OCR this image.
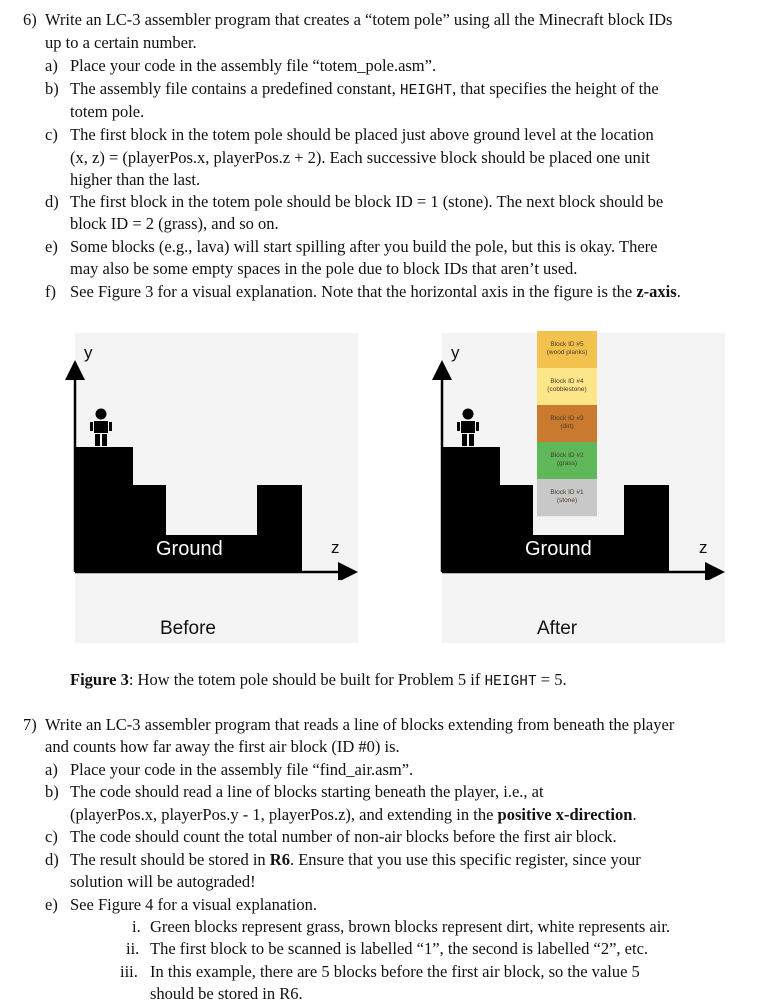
6) Write an LC-3 assembler program that creates a “totem pole” using all the Minecraft block IDs
up to a certain number.
a) Place your code in the assembly file “totem_pole.asm”.
b) The assembly file contains a predefined constant, HEIGHT, that specifies the height of the
totem pole.
c) The first block in the totem pole should be placed just above ground level at the location
(x, z) = (playerPos.x, playerPos.z + 2). Each successive block should be placed one unit
higher than the last.
d) The first block in the totem pole should be block ID = 1 (stone). The next block should be
block ID = 2 (grass), and so on.
e) Some blocks (e.g., lava) will start spilling after you build the pole, but this is okay. There
may also be some empty spaces in the pole due to block IDs that aren’t used.
f) See Figure 3 for a visual explanation. Note that the horizontal axis in the figure is the z-axis.
y
z
Ground
Before
y
z
Ground
After
Block ID #5
(wood planks)
Block ID #4
(cobblestone)
Block ID #3
(dirt)
Block ID #2
(grass)
Block ID #1
(stone)
Figure 3: How the totem pole should be built for Problem 5 if HEIGHT = 5.
7) Write an LC-3 assembler program that reads a line of blocks extending from beneath the player
and counts how far away the first air block (ID #0) is.
a) Place your code in the assembly file “find_air.asm”.
b) The code should read a line of blocks starting beneath the player, i.e., at
(playerPos.x, playerPos.y - 1, playerPos.z), and extending in the positive x-direction.
c) The code should count the total number of non-air blocks before the first air block.
d) The result should be stored in R6. Ensure that you use this specific register, since your
solution will be autograded!
e) See Figure 4 for a visual explanation.
i. Green blocks represent grass, brown blocks represent dirt, white represents air.
ii. The first block to be scanned is labelled “1”, the second is labelled “2”, etc.
iii. In this example, there are 5 blocks before the first air block, so the value 5
should be stored in R6.
